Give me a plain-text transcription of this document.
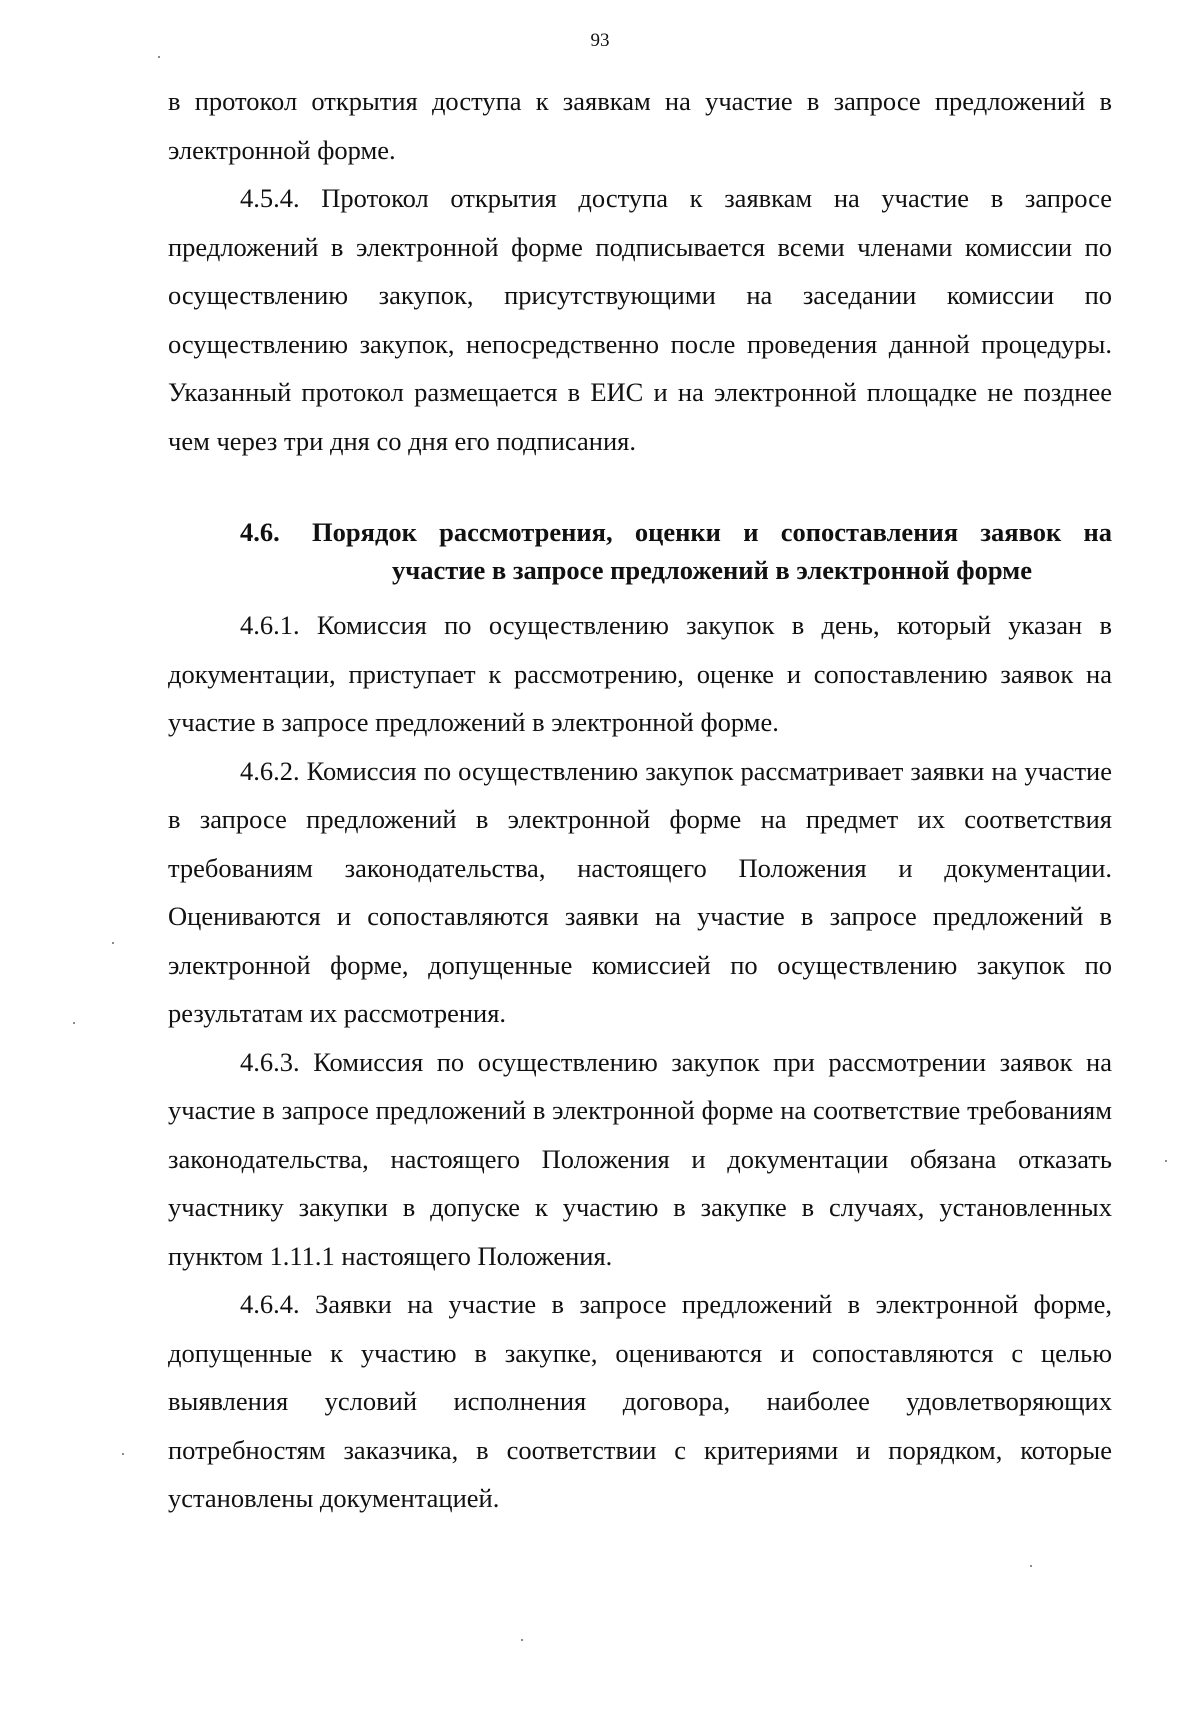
93

в протокол открытия доступа к заявкам на участие в запросе предложений в электронной форме.

4.5.4. Протокол открытия доступа к заявкам на участие в запросе предложений в электронной форме подписывается всеми членами комиссии по осуществлению закупок, присутствующими на заседании комиссии по осуществлению закупок, непосредственно после проведения данной процедуры. Указанный протокол размещается в ЕИС и на электронной площадке не позднее чем через три дня со дня его подписания.

4.6.	Порядок рассмотрения, оценки и сопоставления заявок на участие в запросе предложений в электронной форме

4.6.1. Комиссия по осуществлению закупок в день, который указан в документации, приступает к рассмотрению, оценке и сопоставлению заявок на участие в запросе предложений в электронной форме.

4.6.2. Комиссия по осуществлению закупок рассматривает заявки на участие в запросе предложений в электронной форме на предмет их соответствия требованиям законодательства, настоящего Положения и документации. Оцениваются и сопоставляются заявки на участие в запросе предложений в электронной форме, допущенные комиссией по осуществлению закупок по результатам их рассмотрения.

4.6.3. Комиссия по осуществлению закупок при рассмотрении заявок на участие в запросе предложений в электронной форме на соответствие требованиям законодательства, настоящего Положения и документации обязана отказать участнику закупки в допуске к участию в закупке в случаях, установленных пунктом 1.11.1 настоящего Положения.

4.6.4. Заявки на участие в запросе предложений в электронной форме, допущенные к участию в закупке, оцениваются и сопоставляются с целью выявления условий исполнения договора, наиболее удовлетворяющих потребностям заказчика, в соответствии с критериями и порядком, которые установлены документацией.
